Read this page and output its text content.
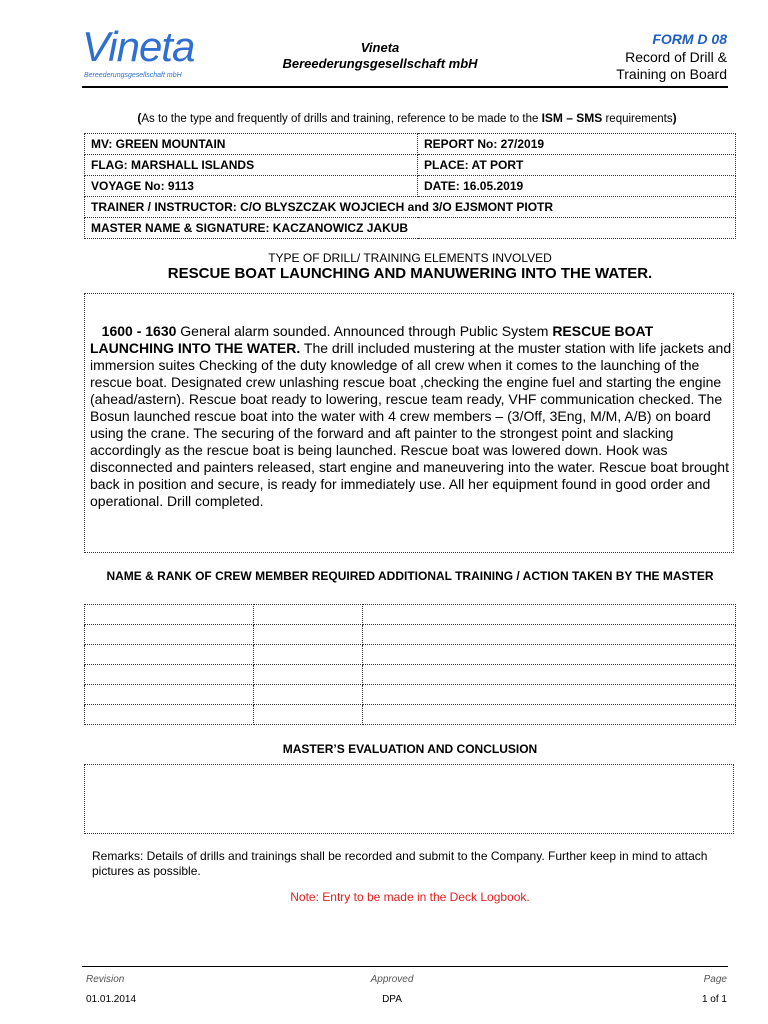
Vineta
Bereederungsgesellschaft mbH
Vineta
Bereederungsgesellschaft mbH
FORM D 08
Record of Drill &
Training on Board
(As to the type and frequently of drills and training, reference to be made to the ISM – SMS requirements)
MV: GREEN MOUNTAIN	REPORT No: 27/2019
FLAG: MARSHALL ISLANDS	PLACE: AT PORT
VOYAGE No: 9113	DATE: 16.05.2019
TRAINER / INSTRUCTOR: C/O BLYSZCZAK WOJCIECH and 3/O EJSMONT PIOTR	
MASTER NAME & SIGNATURE: KACZANOWICZ JAKUB	
TYPE OF DRILL/ TRAINING ELEMENTS INVOLVED
RESCUE BOAT LAUNCHING AND MANUWERING INTO THE WATER.
1600 - 1630 General alarm sounded. Announced through Public System RESCUE BOAT LAUNCHING INTO THE WATER. The drill included mustering at the muster station with life jackets and immersion suites Checking of the duty knowledge of all crew when it comes to the launching of the rescue boat. Designated crew unlashing rescue boat ,checking the engine fuel and starting the engine (ahead/astern). Rescue boat ready to lowering, rescue team ready, VHF communication checked. The Bosun launched rescue boat into the water with 4 crew members – (3/Off, 3Eng, M/M, A/B) on board using the crane. The securing of the forward and aft painter to the strongest point and slacking accordingly as the rescue boat is being launched. Rescue boat was lowered down. Hook was disconnected and painters released, start engine and maneuvering into the water. Rescue boat brought back in position and secure, is ready for immediately use. All her equipment found in good order and operational. Drill completed.
NAME & RANK OF CREW MEMBER REQUIRED ADDITIONAL TRAINING / ACTION TAKEN BY THE MASTER

MASTER’S EVALUATION AND CONCLUSION
Remarks: Details of drills and trainings shall be recorded and submit to the Company. Further keep in mind to attach pictures as possible.
Note: Entry to be made in the Deck Logbook.
Revision	Approved	Page
01.01.2014	DPA	1 of 1
